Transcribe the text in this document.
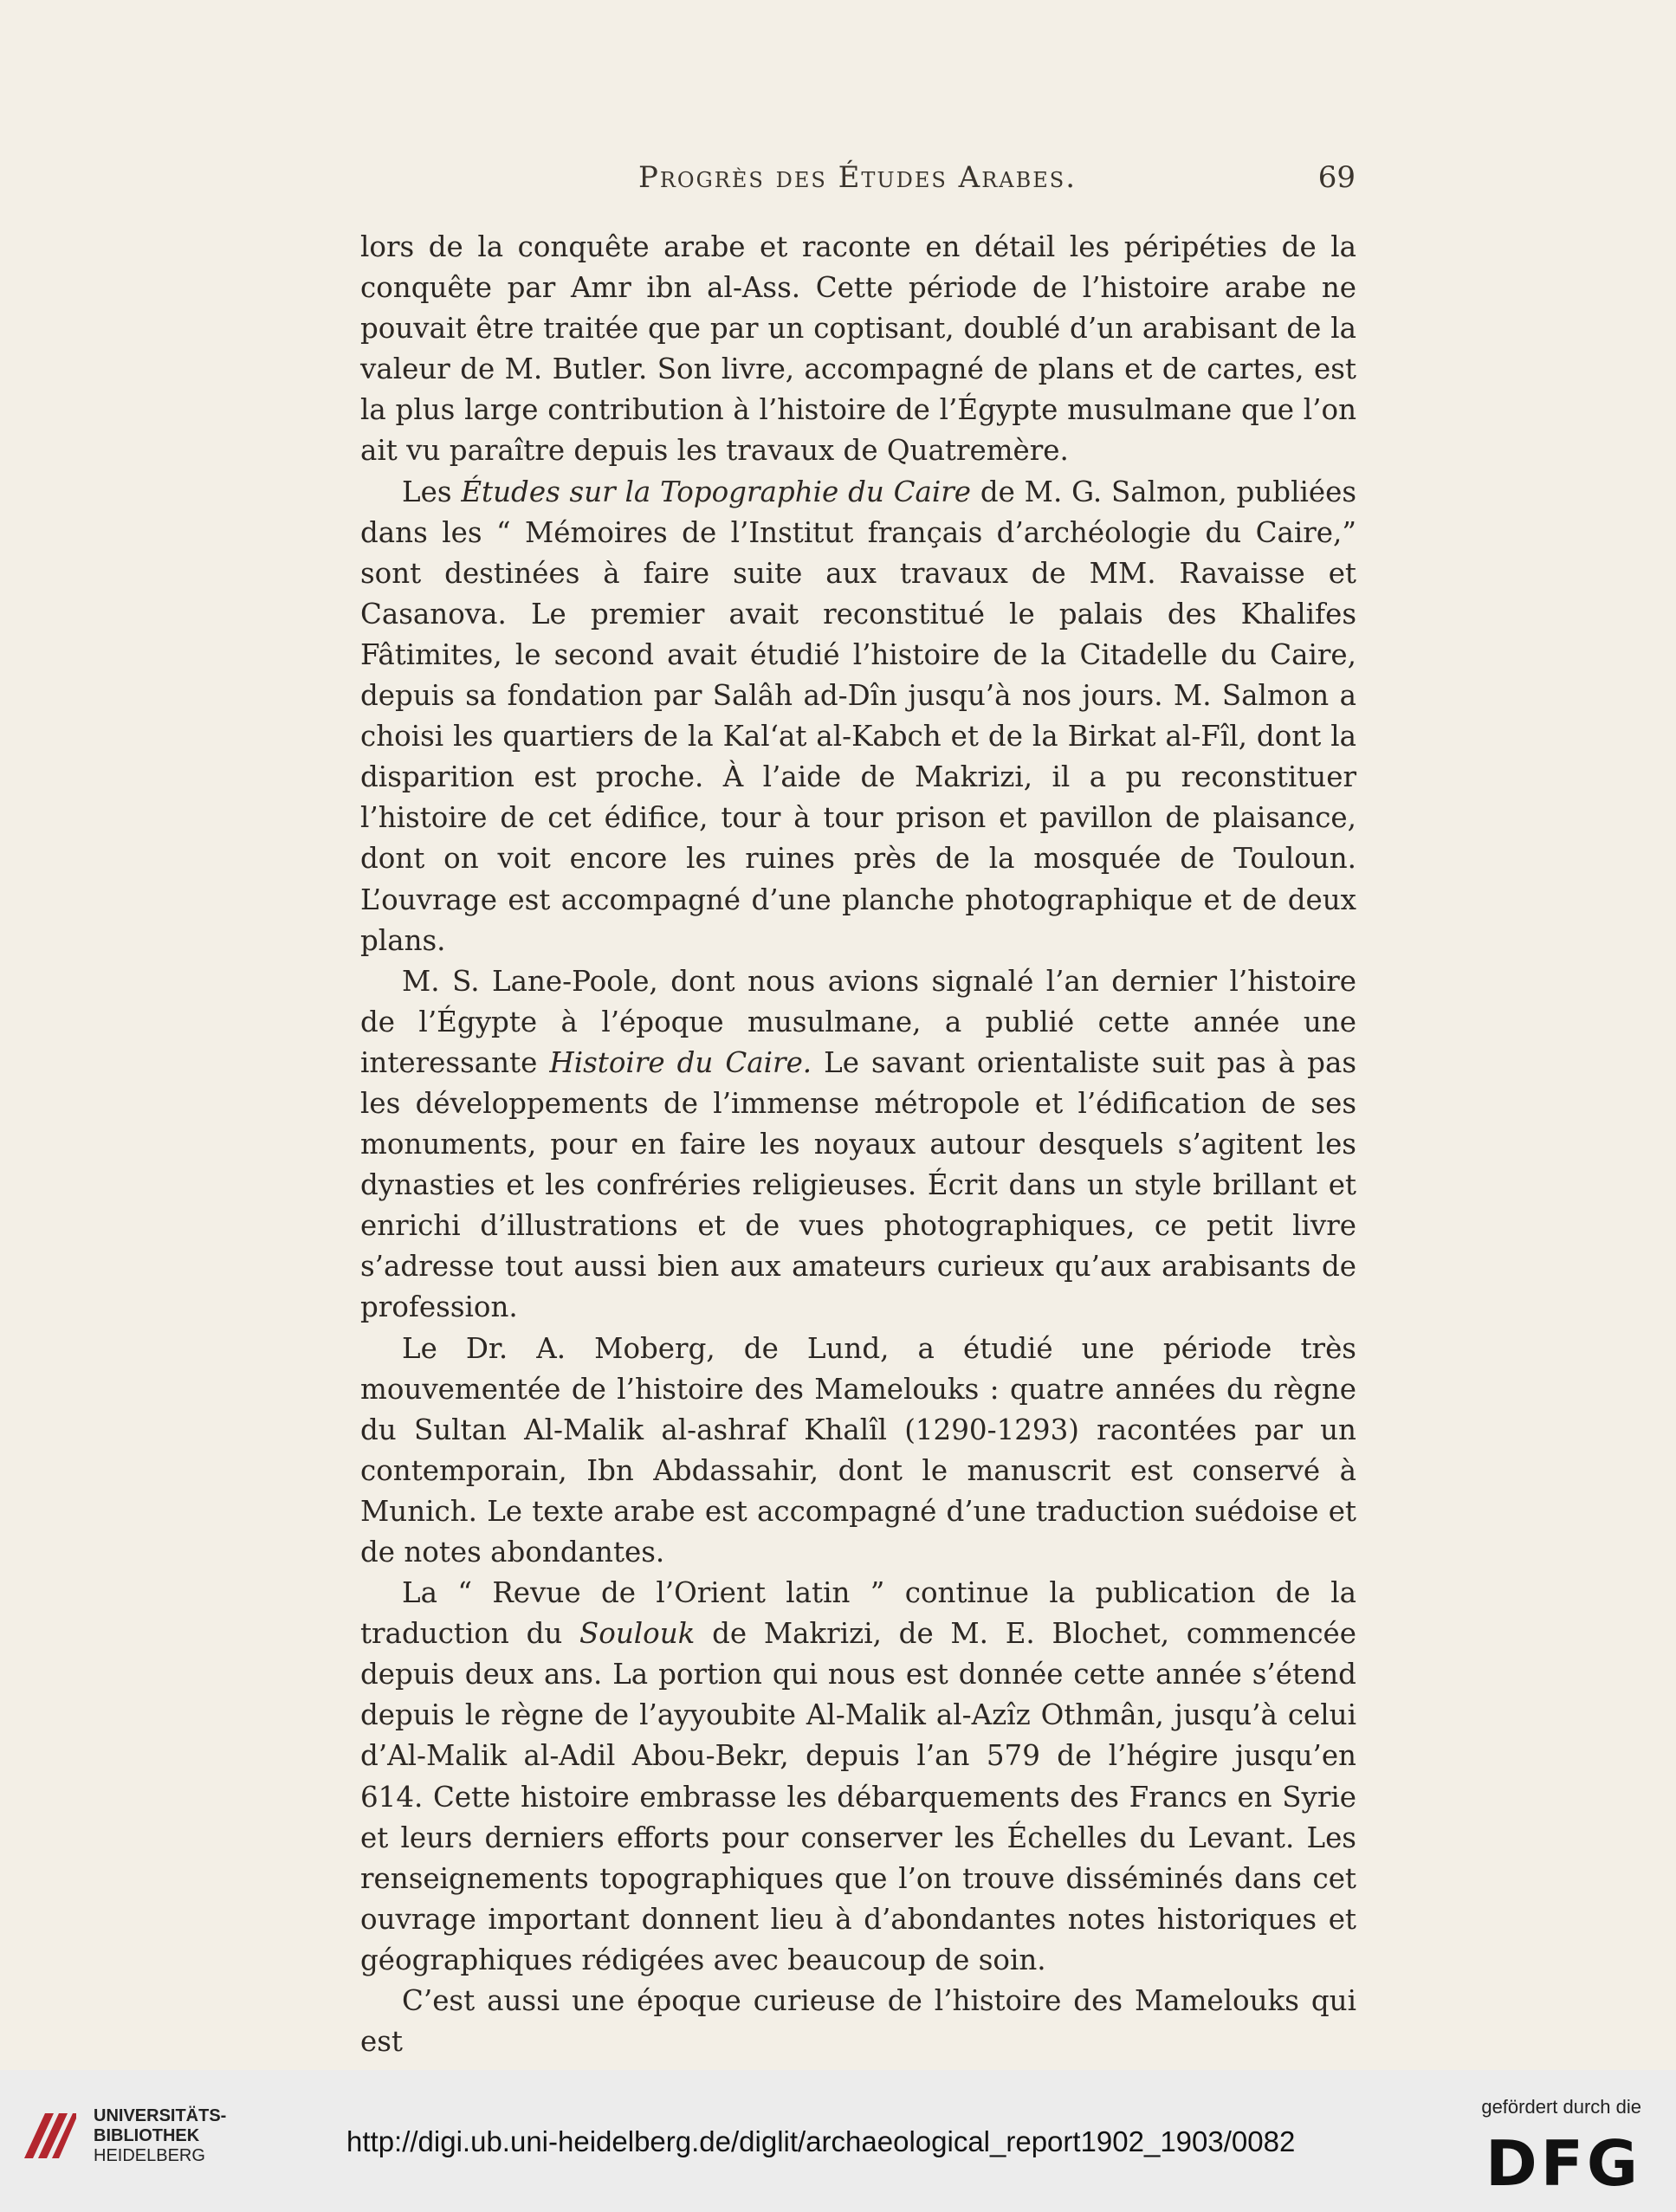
Progrès des Études Arabes.	69

lors de la conquête arabe et raconte en détail les péripéties de la conquête par Amr ibn al-Ass. Cette période de l’histoire arabe ne pouvait être traitée que par un coptisant, doublé d’un arabisant de la valeur de M. Butler. Son livre, accompagné de plans et de cartes, est la plus large contribution à l’histoire de l’Égypte musulmane que l’on ait vu paraître depuis les travaux de Quatremère.

Les Études sur la Topographie du Caire de M. G. Salmon, publiées dans les “ Mémoires de l’Institut français d’archéologie du Caire,” sont destinées à faire suite aux travaux de MM. Ravaisse et Casanova. Le premier avait reconstitué le palais des Khalifes Fâtimites, le second avait étudié l’histoire de la Citadelle du Caire, depuis sa fondation par Salâh ad-Dîn jusqu’à nos jours. M. Salmon a choisi les quartiers de la Kal‘at al-Kabch et de la Birkat al-Fîl, dont la disparition est proche. À l’aide de Makrizi, il a pu reconstituer l’histoire de cet édifice, tour à tour prison et pavillon de plaisance, dont on voit encore les ruines près de la mosquée de Touloun. L’ouvrage est accompagné d’une planche photographique et de deux plans.

M. S. Lane-Poole, dont nous avions signalé l’an dernier l’histoire de l’Égypte à l’époque musulmane, a publié cette année une interessante Histoire du Caire. Le savant orientaliste suit pas à pas les développements de l’immense métropole et l’édification de ses monuments, pour en faire les noyaux autour desquels s’agitent les dynasties et les confréries religieuses. Écrit dans un style brillant et enrichi d’illustrations et de vues photographiques, ce petit livre s’adresse tout aussi bien aux amateurs curieux qu’aux arabisants de profession.

Le Dr. A. Moberg, de Lund, a étudié une période très mouvementée de l’histoire des Mamelouks : quatre années du règne du Sultan Al-Malik al-ashraf Khalîl (1290-1293) racontées par un contemporain, Ibn Abdassahir, dont le manuscrit est conservé à Munich. Le texte arabe est accompagné d’une traduction suédoise et de notes abondantes.

La “ Revue de l’Orient latin ” continue la publication de la traduction du Soulouk de Makrizi, de M. E. Blochet, commencée depuis deux ans. La portion qui nous est donnée cette année s’étend depuis le règne de l’ayyoubite Al-Malik al-Azîz Othmân, jusqu’à celui d’Al-Malik al-Adil Abou-Bekr, depuis l’an 579 de l’hégire jusqu’en 614. Cette histoire embrasse les débarquements des Francs en Syrie et leurs derniers efforts pour conserver les Échelles du Levant. Les renseignements topographiques que l’on trouve disséminés dans cet ouvrage important donnent lieu à d’abondantes notes historiques et géographiques rédigées avec beaucoup de soin.

C’est aussi une époque curieuse de l’histoire des Mamelouks qui est

UNIVERSITÄTS-
BIBLIOTHEK
HEIDELBERG	http://digi.ub.uni-heidelberg.de/diglit/archaeological_report1902_1903/0082
gefördert durch die
DFG
